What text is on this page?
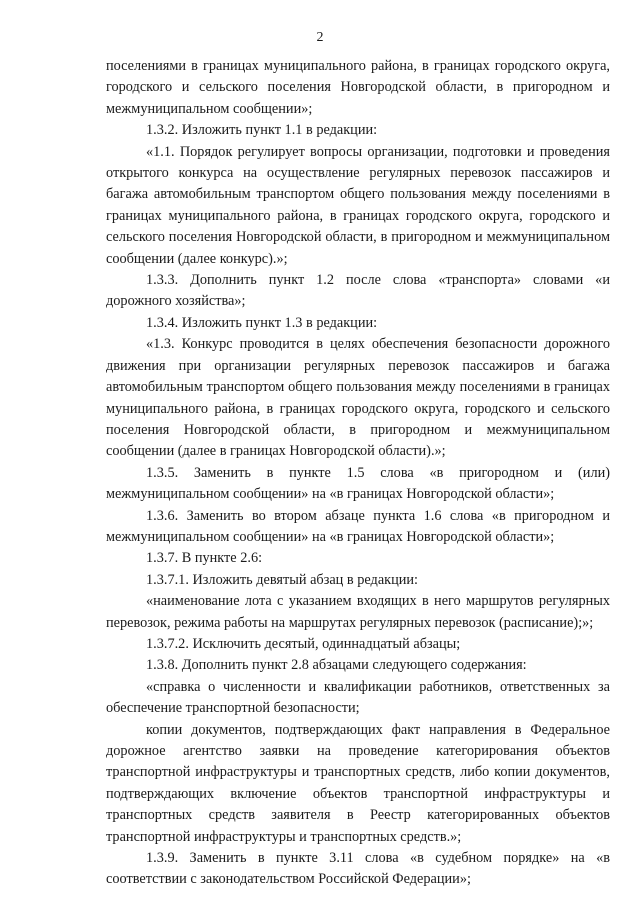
2

поселениями в границах муниципального района, в границах городского округа, городского и сельского поселения Новгородской области, в пригородном и межмуниципальном сообщении»;

1.3.2. Изложить пункт 1.1 в редакции:

«1.1. Порядок регулирует вопросы организации, подготовки и проведения открытого конкурса на осуществление регулярных перевозок пассажиров и багажа автомобильным транспортом общего пользования между поселениями в границах муниципального района, в границах городского округа, городского и сельского поселения Новгородской области, в пригородном и межмуниципальном сообщении (далее конкурс).»;

1.3.3. Дополнить пункт 1.2 после слова «транспорта» словами «и дорожного хозяйства»;

1.3.4. Изложить пункт 1.3 в редакции:

«1.3. Конкурс проводится в целях обеспечения безопасности дорожного движения при организации регулярных перевозок пассажиров и багажа автомобильным транспортом общего пользования между поселениями в границах муниципального района, в границах городского округа, городского и сельского поселения Новгородской области, в пригородном и межмуниципальном сообщении (далее в границах Новгородской области).»;

1.3.5. Заменить в пункте 1.5 слова «в пригородном и (или) межмуниципальном сообщении» на «в границах Новгородской области»;

1.3.6. Заменить во втором абзаце пункта 1.6 слова «в пригородном и межмуниципальном сообщении» на «в границах Новгородской области»;

1.3.7. В пункте 2.6:

1.3.7.1. Изложить девятый абзац в редакции:

«наименование лота с указанием входящих в него маршрутов регулярных перевозок, режима работы на маршрутах регулярных перевозок (расписание);»;

1.3.7.2. Исключить десятый, одиннадцатый абзацы;

1.3.8. Дополнить пункт 2.8 абзацами следующего содержания:

«справка о численности и квалификации работников, ответственных за обеспечение транспортной безопасности;

копии документов, подтверждающих факт направления в Федеральное дорожное агентство заявки на проведение категорирования объектов транспортной инфраструктуры и транспортных средств, либо копии документов, подтверждающих включение объектов транспортной инфраструктуры и транспортных средств заявителя в Реестр категорированных объектов транспортной инфраструктуры и транспортных средств.»;

1.3.9. Заменить в пункте 3.11 слова «в судебном порядке» на «в соответствии с законодательством Российской Федерации»;
